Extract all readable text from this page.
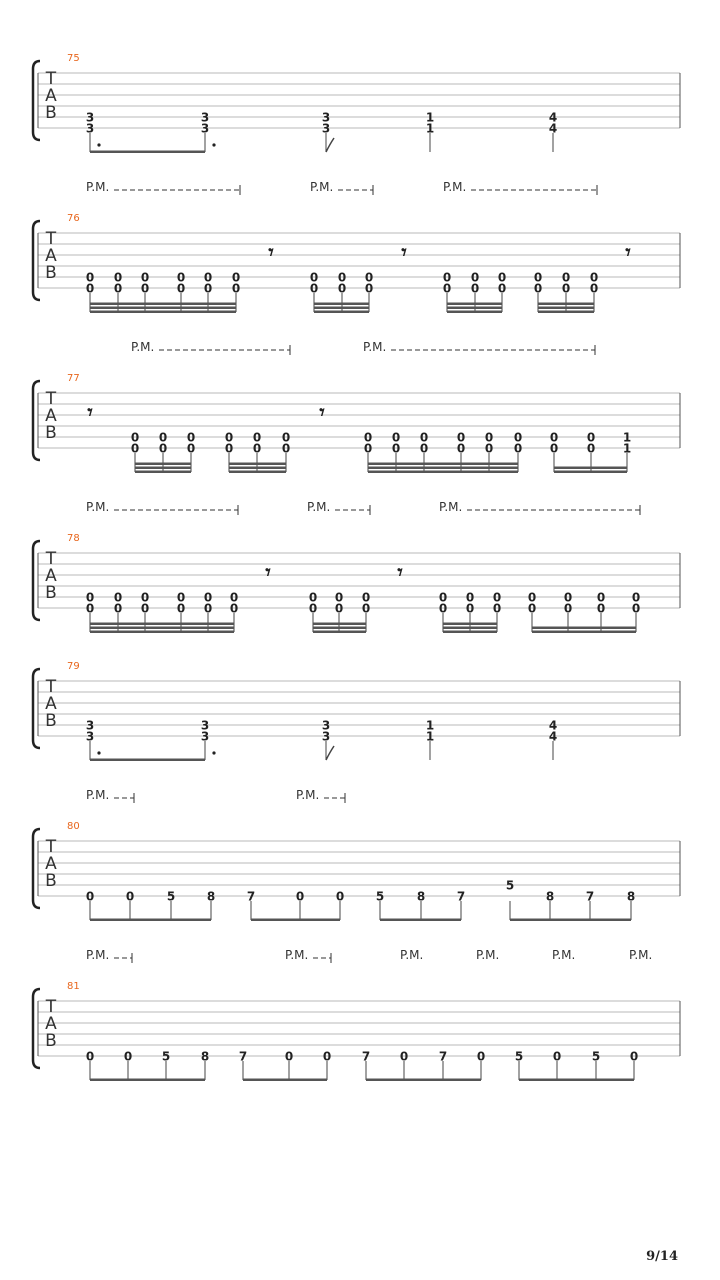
T
A
B
75
3
3
3
3
3
3
1
1
4
4
T
A
B
76
P.M.	P.M.	P.M.
0
0
0
0
0
0
0
0
0
0
0
0
𝄾
0
0
0
0
0
0
𝄾
0
0
0
0
0
0
0
0
0
0
0
0
𝄾
T
A
B
77
P.M.	P.M.
𝄾
0
0
0
0
0
0
0
0
0
0
0
0
𝄾
0
0
0
0
0
0
0
0
0
0
0
0
0
0
0
0
1
1
T
A
B
78
P.M.	P.M.	P.M.
0
0
0
0
0
0
0
0
0
0
0
0
𝄾
0
0
0
0
0
0
𝄾
0
0
0
0
0
0
0
0
0
0
0
0
0
0
T
A
B
79
3
3
3
3
3
3
1
1
4
4
T
A
B
80
P.M.	P.M.
0	0	5	8	7	0	0	5	8	7
5
8	7	8
T
A
B
81
P.M.	P.M.	P.M.	P.M.	P.M.	P.M.
0 0 5	8 7	0 0	7 0	7 0 5 0	5 0
9/14
